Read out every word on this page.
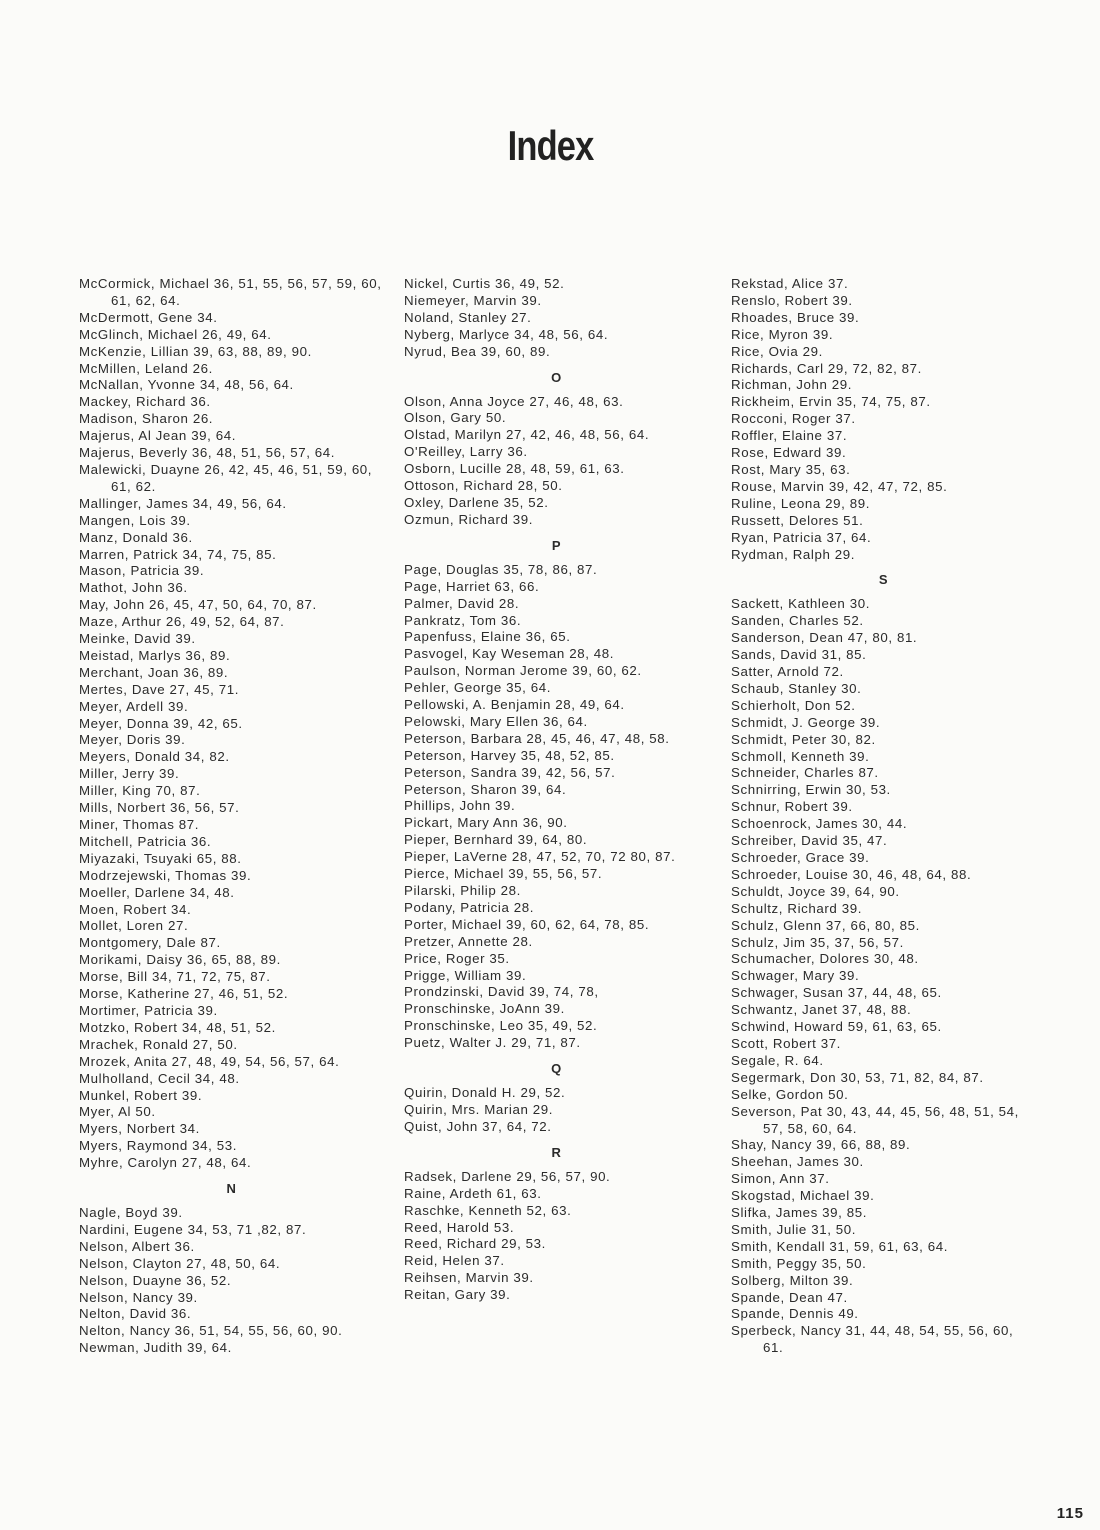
Index
McCormick, Michael 36, 51, 55, 56, 57, 59, 60, 61, 62, 64.
McDermott, Gene 34.
McGlinch, Michael 26, 49, 64.
McKenzie, Lillian 39, 63, 88, 89, 90.
McMillen, Leland 26.
McNallan, Yvonne 34, 48, 56, 64.
Mackey, Richard 36.
Madison, Sharon 26.
Majerus, Al Jean 39, 64.
Majerus, Beverly 36, 48, 51, 56, 57, 64.
Malewicki, Duayne 26, 42, 45, 46, 51, 59, 60, 61, 62.
Mallinger, James 34, 49, 56, 64.
Mangen, Lois 39.
Manz, Donald 36.
Marren, Patrick 34, 74, 75, 85.
Mason, Patricia 39.
Mathot, John 36.
May, John 26, 45, 47, 50, 64, 70, 87.
Maze, Arthur 26, 49, 52, 64, 87.
Meinke, David 39.
Meistad, Marlys 36, 89.
Merchant, Joan 36, 89.
Mertes, Dave 27, 45, 71.
Meyer, Ardell 39.
Meyer, Donna 39, 42, 65.
Meyer, Doris 39.
Meyers, Donald 34, 82.
Miller, Jerry 39.
Miller, King 70, 87.
Mills, Norbert 36, 56, 57.
Miner, Thomas 87.
Mitchell, Patricia 36.
Miyazaki, Tsuyaki 65, 88.
Modrzejewski, Thomas 39.
Moeller, Darlene 34, 48.
Moen, Robert 34.
Mollet, Loren 27.
Montgomery, Dale 87.
Morikami, Daisy 36, 65, 88, 89.
Morse, Bill 34, 71, 72, 75, 87.
Morse, Katherine 27, 46, 51, 52.
Mortimer, Patricia 39.
Motzko, Robert 34, 48, 51, 52.
Mrachek, Ronald 27, 50.
Mrozek, Anita 27, 48, 49, 54, 56, 57, 64.
Mulholland, Cecil 34, 48.
Munkel, Robert 39.
Myer, Al 50.
Myers, Norbert 34.
Myers, Raymond 34, 53.
Myhre, Carolyn 27, 48, 64.
N
Nagle, Boyd 39.
Nardini, Eugene 34, 53, 71 ,82, 87.
Nelson, Albert 36.
Nelson, Clayton 27, 48, 50, 64.
Nelson, Duayne 36, 52.
Nelson, Nancy 39.
Nelton, David 36.
Nelton, Nancy 36, 51, 54, 55, 56, 60, 90.
Newman, Judith 39, 64.
Nickel, Curtis 36, 49, 52.
Niemeyer, Marvin 39.
Noland, Stanley 27.
Nyberg, Marlyce 34, 48, 56, 64.
Nyrud, Bea 39, 60, 89.
O
Olson, Anna Joyce 27, 46, 48, 63.
Olson, Gary 50.
Olstad, Marilyn 27, 42, 46, 48, 56, 64.
O'Reilley, Larry 36.
Osborn, Lucille 28, 48, 59, 61, 63.
Ottoson, Richard 28, 50.
Oxley, Darlene 35, 52.
Ozmun, Richard 39.
P
Page, Douglas 35, 78, 86, 87.
Page, Harriet 63, 66.
Palmer, David 28.
Pankratz, Tom 36.
Papenfuss, Elaine 36, 65.
Pasvogel, Kay Weseman 28, 48.
Paulson, Norman Jerome 39, 60, 62.
Pehler, George 35, 64.
Pellowski, A. Benjamin 28, 49, 64.
Pelowski, Mary Ellen 36, 64.
Peterson, Barbara 28, 45, 46, 47, 48, 58.
Peterson, Harvey 35, 48, 52, 85.
Peterson, Sandra 39, 42, 56, 57.
Peterson, Sharon 39, 64.
Phillips, John 39.
Pickart, Mary Ann 36, 90.
Pieper, Bernhard 39, 64, 80.
Pieper, LaVerne 28, 47, 52, 70, 72 80, 87.
Pierce, Michael 39, 55, 56, 57.
Pilarski, Philip 28.
Podany, Patricia 28.
Porter, Michael 39, 60, 62, 64, 78, 85.
Pretzer, Annette 28.
Price, Roger 35.
Prigge, William 39.
Prondzinski, David 39, 74, 78,
Pronschinske, JoAnn 39.
Pronschinske, Leo 35, 49, 52.
Puetz, Walter J. 29, 71, 87.
Q
Quirin, Donald H. 29, 52.
Quirin, Mrs. Marian 29.
Quist, John 37, 64, 72.
R
Radsek, Darlene 29, 56, 57, 90.
Raine, Ardeth 61, 63.
Raschke, Kenneth 52, 63.
Reed, Harold 53.
Reed, Richard 29, 53.
Reid, Helen 37.
Reihsen, Marvin 39.
Reitan, Gary 39.
Rekstad, Alice 37.
Renslo, Robert 39.
Rhoades, Bruce 39.
Rice, Myron 39.
Rice, Ovia 29.
Richards, Carl 29, 72, 82, 87.
Richman, John 29.
Rickheim, Ervin 35, 74, 75, 87.
Rocconi, Roger 37.
Roffler, Elaine 37.
Rose, Edward 39.
Rost, Mary 35, 63.
Rouse, Marvin 39, 42, 47, 72, 85.
Ruline, Leona 29, 89.
Russett, Delores 51.
Ryan, Patricia 37, 64.
Rydman, Ralph 29.
S
Sackett, Kathleen 30.
Sanden, Charles 52.
Sanderson, Dean 47, 80, 81.
Sands, David 31, 85.
Satter, Arnold 72.
Schaub, Stanley 30.
Schierholt, Don 52.
Schmidt, J. George 39.
Schmidt, Peter 30, 82.
Schmoll, Kenneth 39.
Schneider, Charles 87.
Schnirring, Erwin 30, 53.
Schnur, Robert 39.
Schoenrock, James 30, 44.
Schreiber, David 35, 47.
Schroeder, Grace 39.
Schroeder, Louise 30, 46, 48, 64, 88.
Schuldt, Joyce 39, 64, 90.
Schultz, Richard 39.
Schulz, Glenn 37, 66, 80, 85.
Schulz, Jim 35, 37, 56, 57.
Schumacher, Dolores 30, 48.
Schwager, Mary 39.
Schwager, Susan 37, 44, 48, 65.
Schwantz, Janet 37, 48, 88.
Schwind, Howard 59, 61, 63, 65.
Scott, Robert 37.
Segale, R. 64.
Segermark, Don 30, 53, 71, 82, 84, 87.
Selke, Gordon 50.
Severson, Pat 30, 43, 44, 45, 56, 48, 51, 54, 57, 58, 60, 64.
Shay, Nancy 39, 66, 88, 89.
Sheehan, James 30.
Simon, Ann 37.
Skogstad, Michael 39.
Slifka, James 39, 85.
Smith, Julie 31, 50.
Smith, Kendall 31, 59, 61, 63, 64.
Smith, Peggy 35, 50.
Solberg, Milton 39.
Spande, Dean 47.
Spande, Dennis 49.
Sperbeck, Nancy 31, 44, 48, 54, 55, 56, 60, 61.
115
